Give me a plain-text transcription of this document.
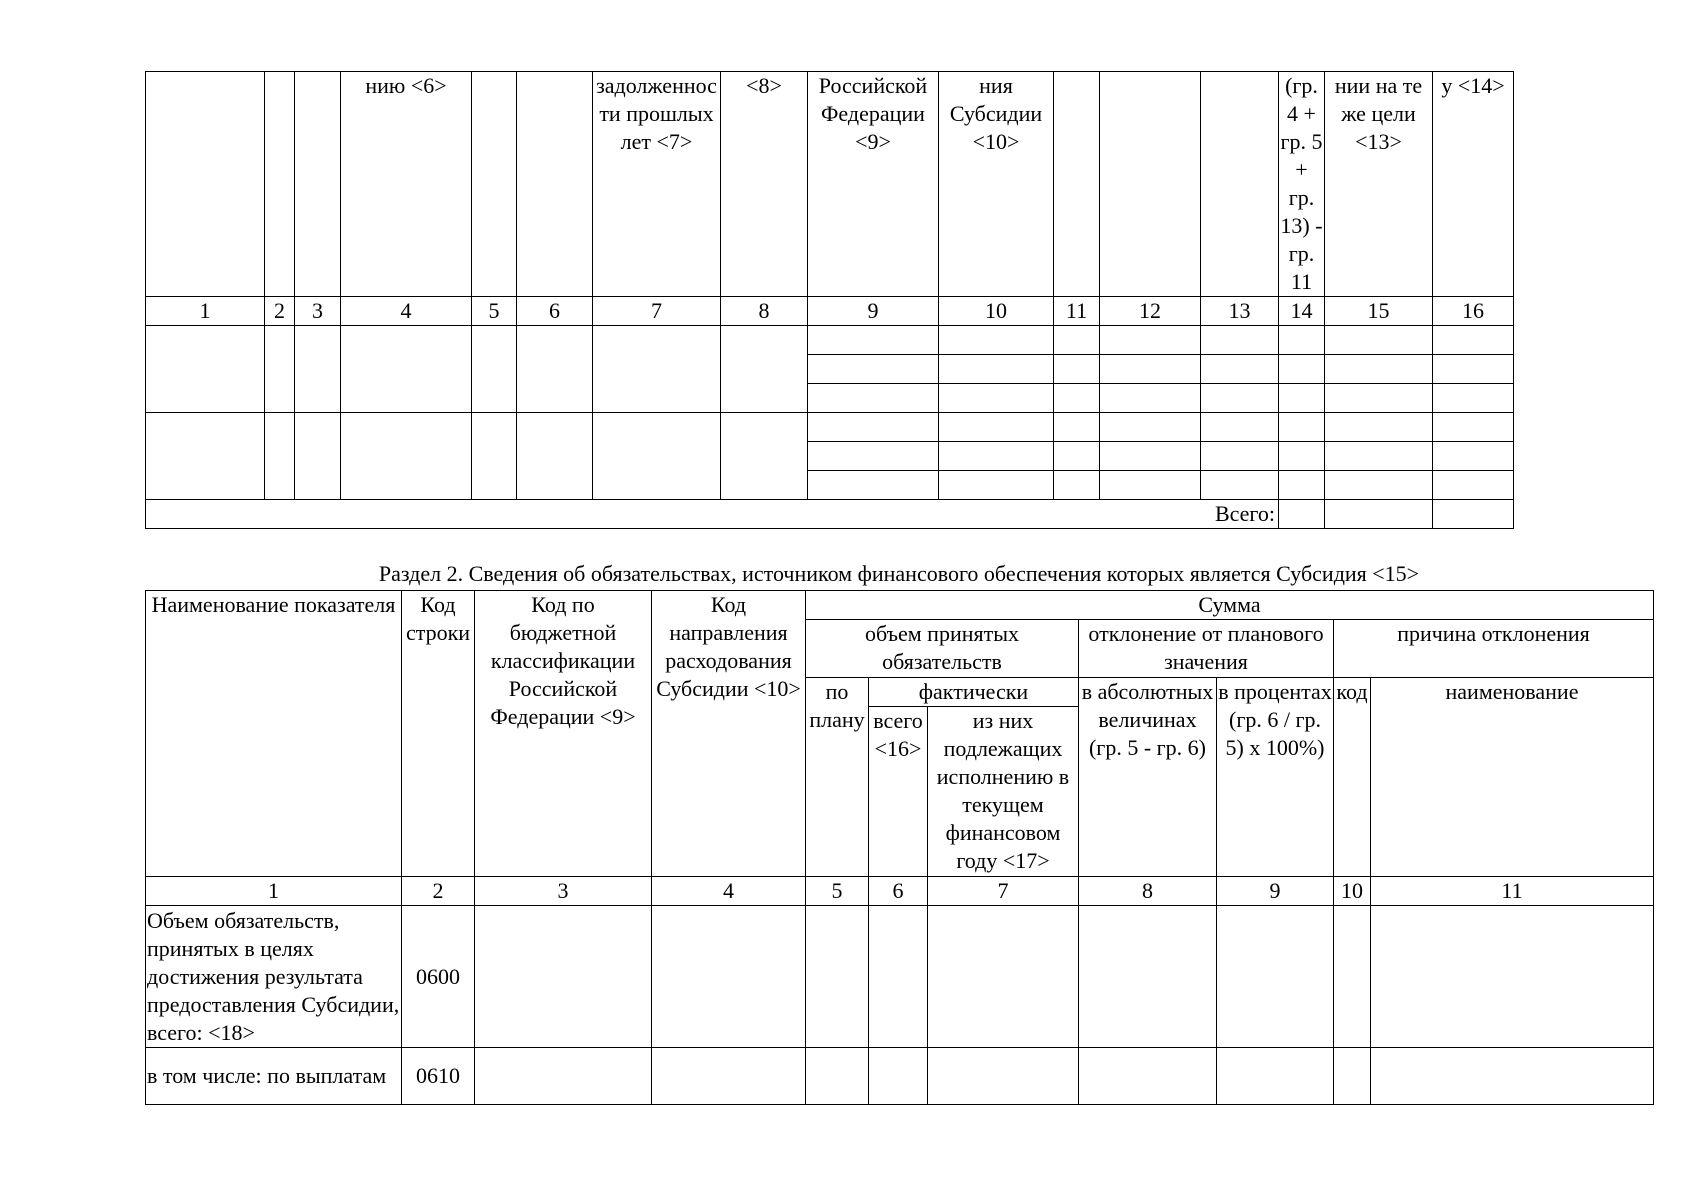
			нию <6>			задолженности прошлых лет <7>	<8>	Российской Федерации <9>	ния Субсидии <10>				(гр. 4 + гр. 5 + гр. 13) - гр. 11	нии на те же цели <13>	у <14>
1	2	3	4	5	6	7	8	9	10	11	12	13	14	15	16

Всего:															
Раздел 2. Сведения об обязательствах, источником финансового обеспечения которых является Субсидия <15>
Наименование показателя	Код строки	Код по бюджетной классификации Российской Федерации <9>	Код направления расходования Субсидии <10>	Сумма						
				объем принятых обязательств			отклонение от планового значения		причина отклонения	
				по плану	фактически		в абсолютных величинах (гр. 5 - гр. 6)	в процентах (гр. 6 / гр. 5) x 100%)	код	наименование
					всего <16>	из них подлежащих исполнению в текущем финансовом году <17>				
1	2	3	4	5	6	7	8	9	10	11
Объем обязательств, принятых в целях достижения результата предоставления Субсидии, всего: <18>	0600									
в том числе: по выплатам	0610									
